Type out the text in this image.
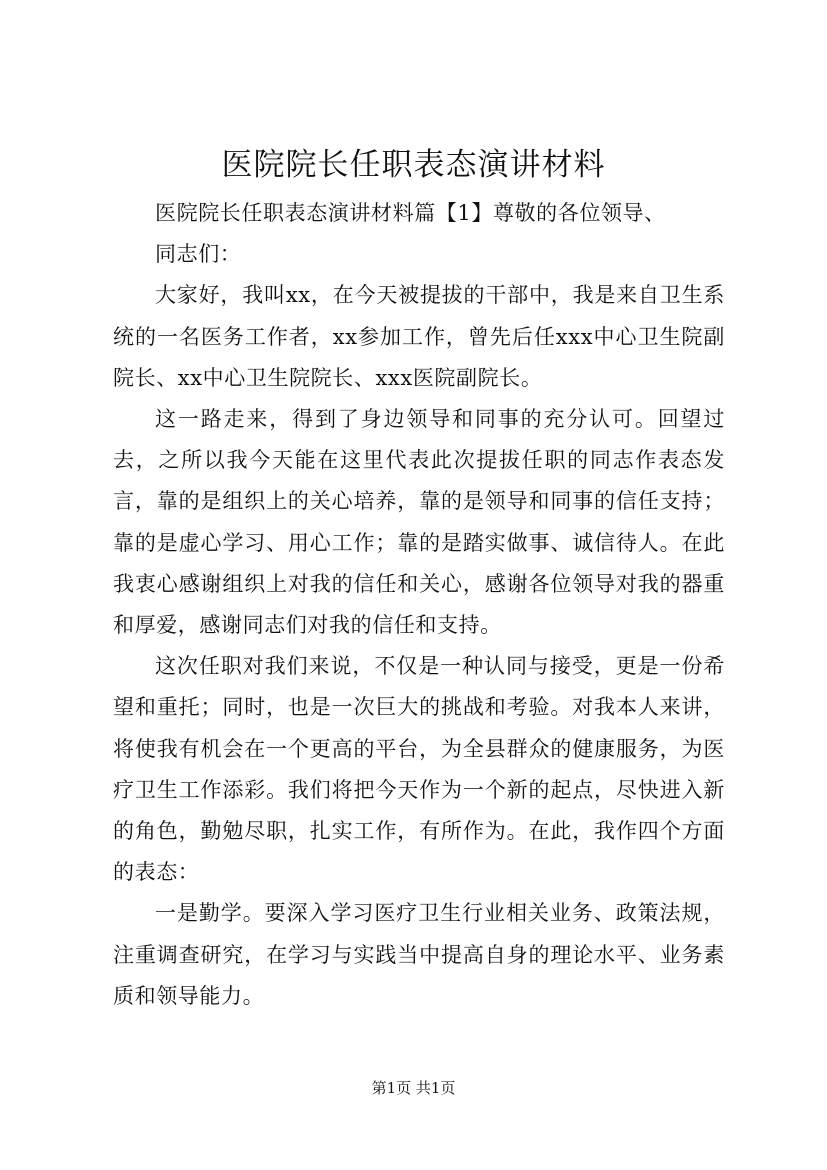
医院院长任职表态演讲材料

医院院长任职表态演讲材料篇【1】尊敬的各位领导、

同志们：

大家好，我叫xx，在今天被提拔的干部中，我是来自卫生系统的一名医务工作者，xx参加工作，曾先后任xxx中心卫生院副院长、xx中心卫生院院长、xxx医院副院长。

这一路走来，得到了身边领导和同事的充分认可。回望过去，之所以我今天能在这里代表此次提拔任职的同志作表态发言，靠的是组织上的关心培养，靠的是领导和同事的信任支持；靠的是虚心学习、用心工作；靠的是踏实做事、诚信待人。在此我衷心感谢组织上对我的信任和关心，感谢各位领导对我的器重和厚爱，感谢同志们对我的信任和支持。

这次任职对我们来说，不仅是一种认同与接受，更是一份希望和重托；同时，也是一次巨大的挑战和考验。对我本人来讲，将使我有机会在一个更高的平台，为全县群众的健康服务，为医疗卫生工作添彩。我们将把今天作为一个新的起点，尽快进入新的角色，勤勉尽职，扎实工作，有所作为。在此，我作四个方面的表态：

一是勤学。要深入学习医疗卫生行业相关业务、政策法规，注重调查研究，在学习与实践当中提高自身的理论水平、业务素质和领导能力。

第1页 共1页
